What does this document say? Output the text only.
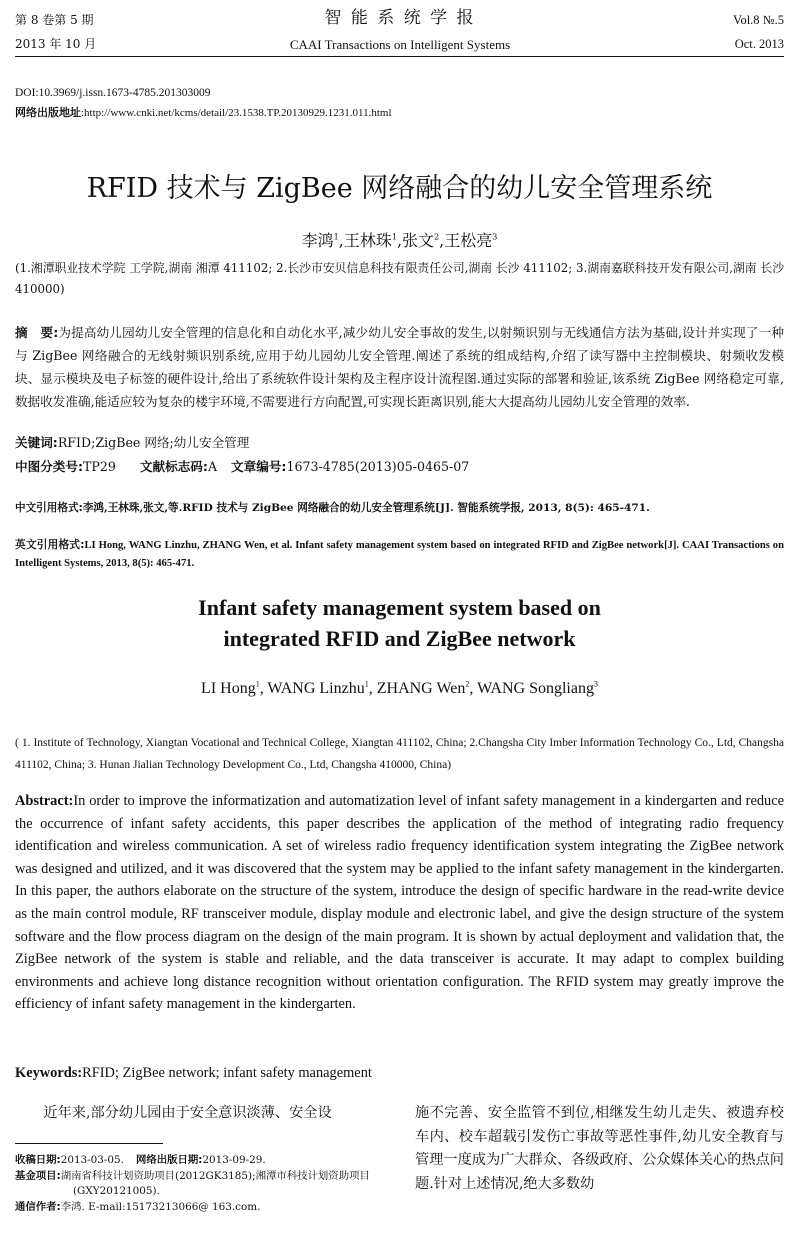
第 8 卷第 5 期
2013 年 10 月
智 能 系 统 学 报
CAAI Transactions on Intelligent Systems
Vol.8 №.5
Oct. 2013
DOI:10.3969/j.issn.1673-4785.201303009
网络出版地址:http://www.cnki.net/kcms/detail/23.1538.TP.20130929.1231.011.html
RFID 技术与 ZigBee 网络融合的幼儿安全管理系统
李鸿$^1$,王林珠$^1$,张文$^2$,王松亮$^3$
(1.湘潭职业技术学院 工学院,湖南 湘潭 411102; 2.长沙市安贝信息科技有限责任公司,湖南 长沙 411102; 3.湖南嘉联科技开发有限公司,湖南 长沙 410000)
摘　要:为提高幼儿园幼儿安全管理的信息化和自动化水平,减少幼儿安全事故的发生,以射频识别与无线通信方法为基础,设计并实现了一种与 ZigBee 网络融合的无线射频识别系统,应用于幼儿园幼儿安全管理.阐述了系统的组成结构,介绍了读写器中主控制模块、射频收发模块、显示模块及电子标签的硬件设计,给出了系统软件设计架构及主程序设计流程图.通过实际的部署和验证,该系统 ZigBee 网络稳定可靠,数据收发准确,能适应较为复杂的楼宇环境,不需要进行方向配置,可实现长距离识别,能大大提高幼儿园幼儿安全管理的效率.
关键词:RFID;ZigBee 网络;幼儿安全管理
中图分类号:TP29 文献标志码:A 文章编号:1673-4785(2013)05-0465-07
中文引用格式:李鸿,王林珠,张文,等.RFID 技术与 ZigBee 网络融合的幼儿安全管理系统[J]. 智能系统学报, 2013, 8(5): 465-471.
英文引用格式:LI Hong, WANG Linzhu, ZHANG Wen, et al. Infant safety management system based on integrated RFID and ZigBee network[J]. CAAI Transactions on Intelligent Systems, 2013, 8(5): 465-471.
Infant safety management system based on
integrated RFID and ZigBee network
LI Hong$^1$, WANG Linzhu$^1$, ZHANG Wen$^2$, WANG Songliang$^3$
( 1. Institute of Technology, Xiangtan Vocational and Technical College, Xiangtan 411102, China; 2.Changsha City Imber Information Technology Co., Ltd, Changsha 411102, China; 3. Hunan Jialian Technology Development Co., Ltd, Changsha 410000, China)
Abstract:In order to improve the informatization and automatization level of infant safety management in a kindergarten and reduce the occurrence of infant safety accidents, this paper describes the application of the method of integrating radio frequency identification and wireless communication. A set of wireless radio frequency identification system integrating the ZigBee network was designed and utilized, and it was discovered that the system may be applied to the infant safety management in the kindergarten. In this paper, the authors elaborate on the structure of the system, introduce the design of specific hardware in the read-write device as the main control module, RF transceiver module, display module and electronic label, and give the design structure of the system software and the flow process diagram on the design of the main program. It is shown by actual deployment and validation that, the ZigBee network of the system is stable and reliable, and the data transceiver is accurate. It may adapt to complex building environments and achieve long distance recognition without orientation configuration. The RFID system may greatly improve the efficiency of infant safety management in the kindergarten.
Keywords:RFID; ZigBee network; infant safety management
近年来,部分幼儿园由于安全意识淡薄、安全设	施不完善、安全监管不到位,相继发生幼儿走失、被遗弃校车内、校车超载引发伤亡事故等恶性事件,幼儿安全教育与管理一度成为广大群众、各级政府、公众媒体关心的热点问题.针对上述情况,绝大多数幼
收稿日期:2013-03-05. 网络出版日期:2013-09-29.
基金项目:湖南省科技计划资助项目(2012GK3185);湘潭市科技计划资助项目(GXY20121005).
通信作者:李鸿. E-mail:15173213066@ 163.com.
